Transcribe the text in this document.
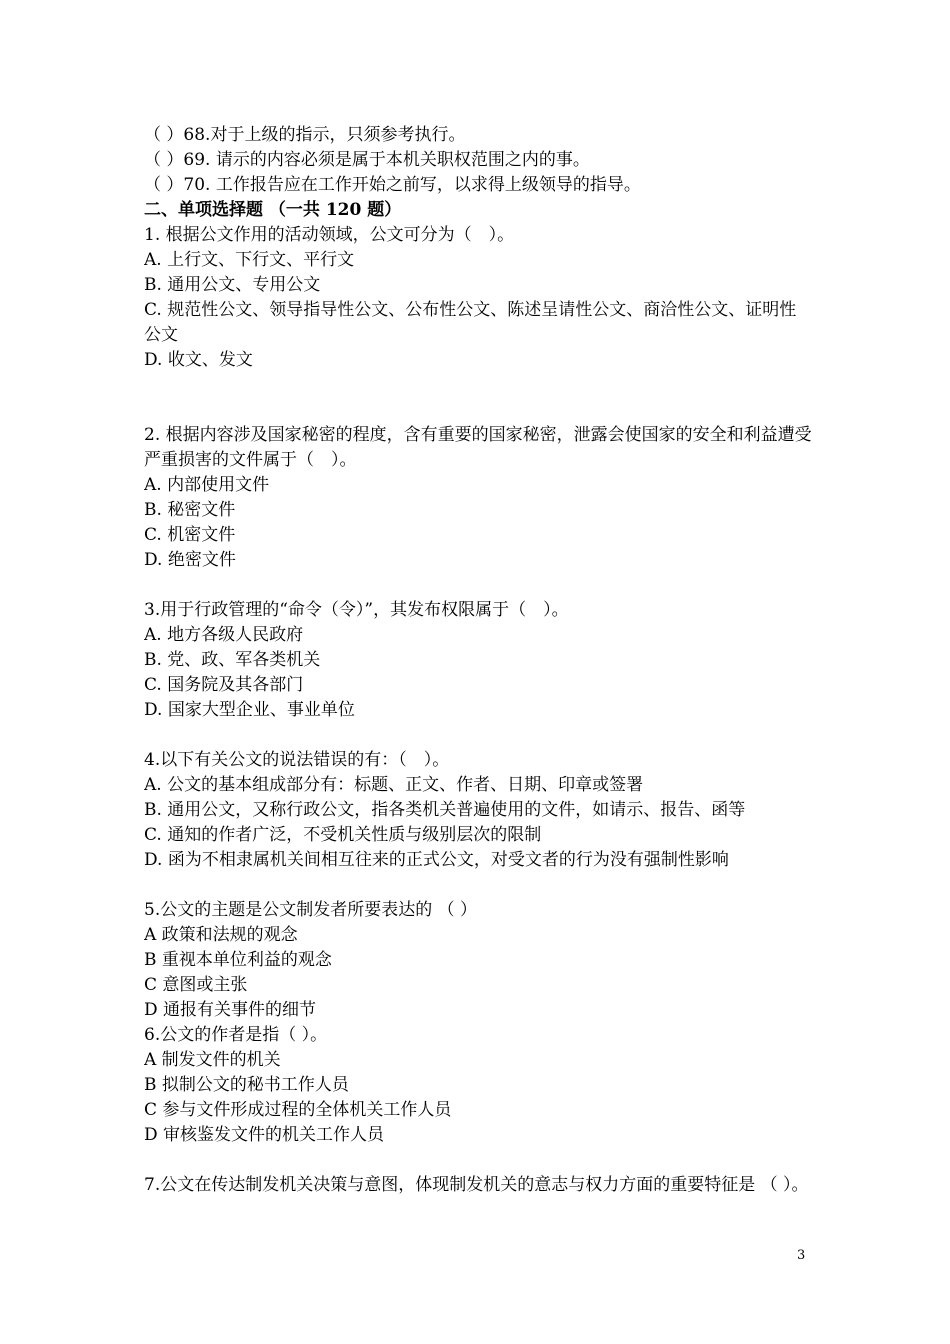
（ ）68.对于上级的指示，只须参考执行。
（ ）69. 请示的内容必须是属于本机关职权范围之内的事。
（ ）70. 工作报告应在工作开始之前写，以求得上级领导的指导。
二、单项选择题 （一共 120 题）
1. 根据公文作用的活动领域，公文可分为（　）。
A. 上行文、下行文、平行文
B. 通用公文、专用公文
C. 规范性公文、领导指导性公文、公布性公文、陈述呈请性公文、商洽性公文、证明性公文
D. 收文、发文
2. 根据内容涉及国家秘密的程度，含有重要的国家秘密，泄露会使国家的安全和利益遭受严重损害的文件属于（　）。
A. 内部使用文件
B. 秘密文件
C. 机密文件
D. 绝密文件
3.用于行政管理的“命令（令）”，其发布权限属于（　）。
A. 地方各级人民政府
B. 党、政、军各类机关
C. 国务院及其各部门
D. 国家大型企业、事业单位
4.以下有关公文的说法错误的有：（　）。
A. 公文的基本组成部分有：标题、正文、作者、日期、印章或签署
B. 通用公文，又称行政公文，指各类机关普遍使用的文件，如请示、报告、函等
C. 通知的作者广泛，不受机关性质与级别层次的限制
D. 函为不相隶属机关间相互往来的正式公文，对受文者的行为没有强制性影响
5.公文的主题是公文制发者所要表达的 （ ）
A 政策和法规的观念
B 重视本单位利益的观念
C 意图或主张
D 通报有关事件的细节
6.公文的作者是指（ ）。
A 制发文件的机关
B 拟制公文的秘书工作人员
C 参与文件形成过程的全体机关工作人员
D 审核鉴发文件的机关工作人员
7.公文在传达制发机关决策与意图，体现制发机关的意志与权力方面的重要特征是 （ ）。
3
